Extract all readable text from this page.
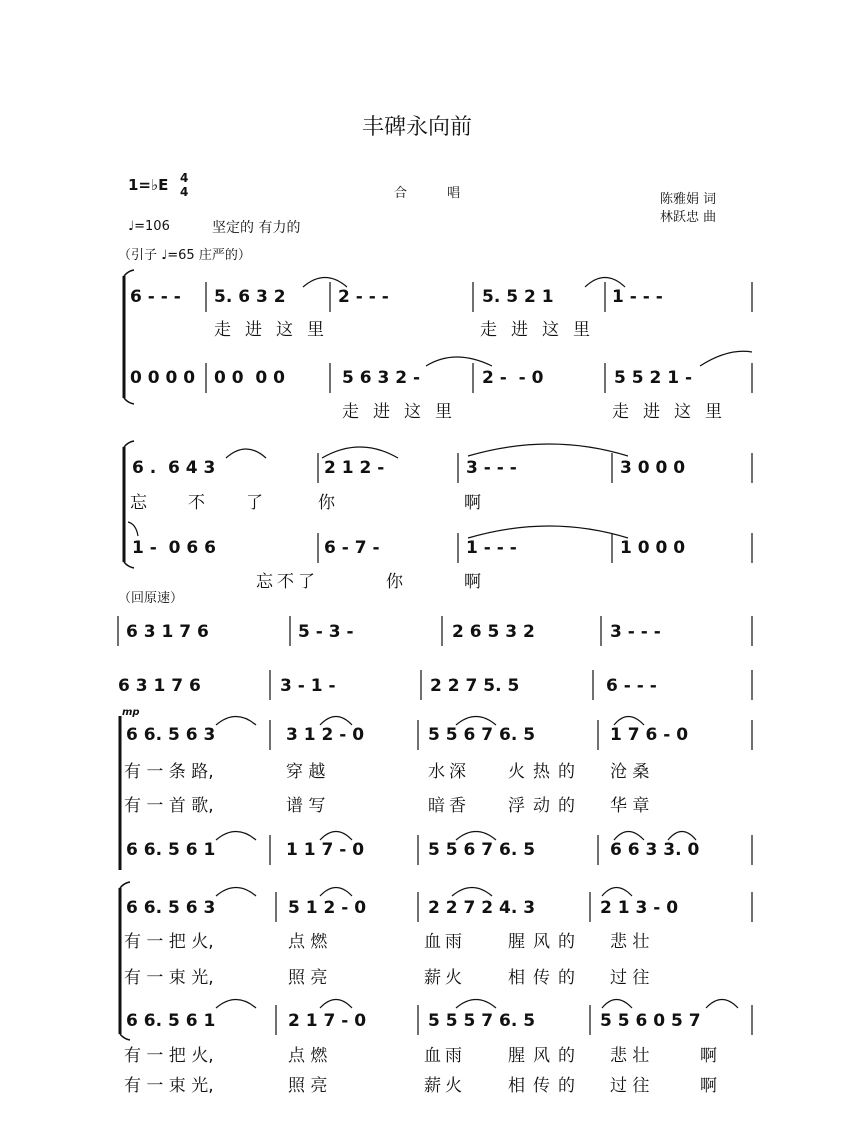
丰碑永向前
1=♭E 4
4	合 唱	陈雅娟 词
林跃忠 曲
♩=106	坚定的 有力的
（引子 ♩=65 庄严的）
6 - - - 5. 6 3 2	2 - - -	5. 5 2 1	1 - - -
走进这里	走进这里
0 0 0 0 0 0  0 0	5 6 3 2 -	2 -  - 0	5 5 2 1 -
走进这里	走进这里
6 .  6 4 3	2 1 2 -	3 - - -	3 0 0 0
忘 不 了	你	啊
1 -  0 6 6	6 - 7 -	1 - - -	1 0 0 0
忘不了	你	啊
（回原速）
6 3 1 7 6	5 - 3 -	2 6 5 3 2	3 - - -
6 3 1 7 6	3 - 1 -	2 2 7 5. 5	6 - - -
mp
6 6. 5 6 3	3 1 2 - 0	5 5 6 7 6. 5	1 7 6 - 0
有 一 条 路,	穿 越	水深 火热的 沧 桑
有 一 首 歌,	谱 写	暗香 浮动的 华 章
6 6. 5 6 1	1 1 7 - 0	5 5 6 7 6. 5	6 6 3 3. 0
6 6. 5 6 3	5 1 2 - 0	2 2 7 2 4. 3	2 1 3 - 0
有 一 把 火,	点 燃	血雨 腥风的 悲 壮
有 一 束 光,	照 亮	薪火 相传的 过 往
6 6. 5 6 1	2 1 7 - 0	5 5 5 7 6. 5	5 5 6 0 5 7
有 一 把 火,	点 燃	血雨 腥风的 悲 壮	啊
有 一 束 光,	照 亮	薪火 相传的 过 往	啊
